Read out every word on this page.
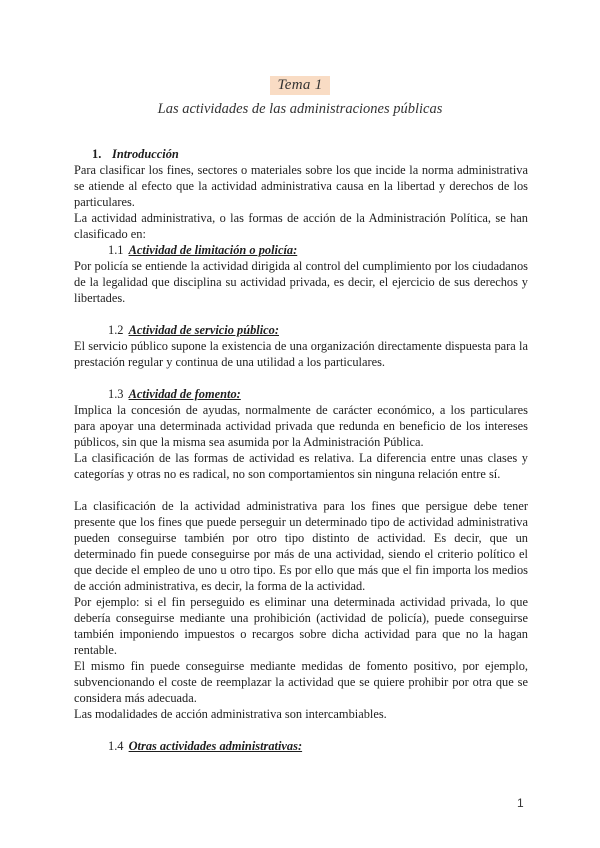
Tema 1
Las actividades de las administraciones públicas

1. Introducción

Para clasificar los fines, sectores o materiales sobre los que incide la norma administrativa se atiende al efecto que la actividad administrativa causa en la libertad y derechos de los particulares.

La actividad administrativa, o las formas de acción de la Administración Política, se han clasificado en:

1.1 Actividad de limitación o policía:

Por policía se entiende la actividad dirigida al control del cumplimiento por los ciudadanos de la legalidad que disciplina su actividad privada, es decir, el ejercicio de sus derechos y libertades.

1.2 Actividad de servicio público:

El servicio público supone la existencia de una organización directamente dispuesta para la prestación regular y continua de una utilidad a los particulares.

1.3 Actividad de fomento:

Implica la concesión de ayudas, normalmente de carácter económico, a los particulares para apoyar una determinada actividad privada que redunda en beneficio de los intereses públicos, sin que la misma sea asumida por la Administración Pública.

La clasificación de las formas de actividad es relativa. La diferencia entre unas clases y categorías y otras no es radical, no son comportamientos sin ninguna relación entre sí.

La clasificación de la actividad administrativa para los fines que persigue debe tener presente que los fines que puede perseguir un determinado tipo de actividad administrativa pueden conseguirse también por otro tipo distinto de actividad. Es decir, que un determinado fin puede conseguirse por más de una actividad, siendo el criterio político el que decide el empleo de uno u otro tipo. Es por ello que más que el fin importa los medios de acción administrativa, es decir, la forma de la actividad.

Por ejemplo: si el fin perseguido es eliminar una determinada actividad privada, lo que debería conseguirse mediante una prohibición (actividad de policía), puede conseguirse también imponiendo impuestos o recargos sobre dicha actividad para que no la hagan rentable.

El mismo fin puede conseguirse mediante medidas de fomento positivo, por ejemplo, subvencionando el coste de reemplazar la actividad que se quiere prohibir por otra que se considera más adecuada.

Las modalidades de acción administrativa son intercambiables.

1.4 Otras actividades administrativas:

1
